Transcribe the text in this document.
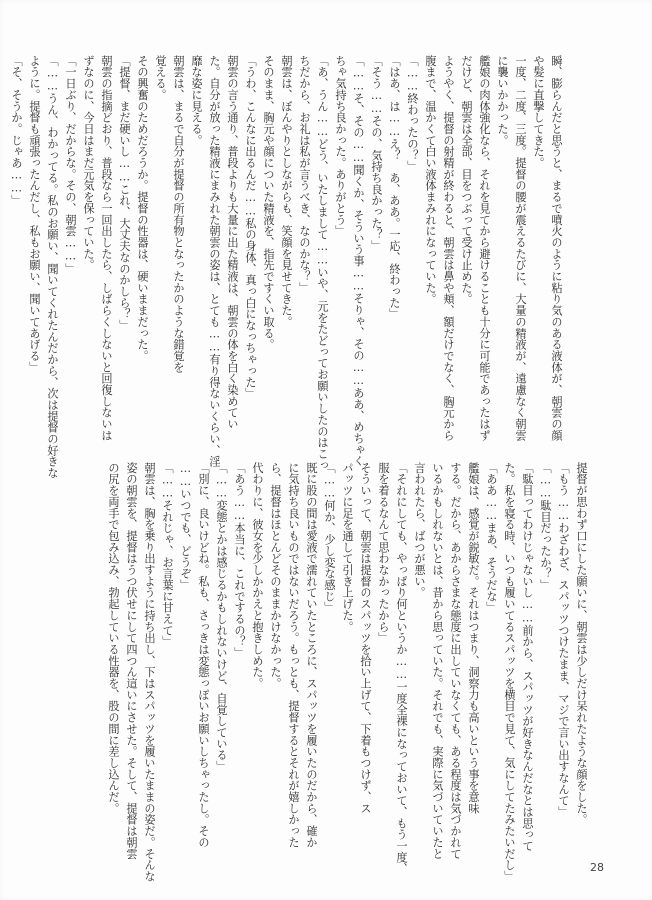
瞬、膨らんだと思うと、まるで噴火のように粘り気のある液体が、朝雲の顔
や髪に直撃してきた。
一度、二度、三度。提督の腰が震えるたびに、大量の精液が、遠慮なく朝雲
に襲いかかった。
艦娘の肉体強化なら、それを見てから避けることも十分に可能であったはず
だけど、朝雲は全部、目をつぶって受け止めた。
ようやく、提督の射精が終わると、朝雲は鼻や頬、額だけでなく、胸元から
腹まで、温かくて白い液体まみれになっていた。
「……終わったの？」
「はあ、は……え？　あ、ああ。一応、終わった」
「そう……その、気持ち良かった？」
「……そ、その……聞くか、そういう事……そりゃ、その……ああ、めちゃく
ちゃ気持ち良かった。ありがとう」
「あ、うん……どう、いたしまして……いや、元をたどってお願いしたのはこっ
ちだから、お礼は私が言うべき、なのかな？」
朝雲は、ぼんやりとしながらも、笑顔を見せてきた。
そのまま、胸元や顔についた精液を、指先ですくい取る。
「うわ、こんなに出るんだ……私の身体、真っ白になっちゃった」
朝雲の言う通り、普段よりも大量に出た精液は、朝雲の体を白く染めてい
た。自分が放った精液にまみれた朝雲の姿は、とても……有り得ないくらい、淫
靡な姿に見える。
朝雲は、まるで自分が提督の所有物となったかのような錯覚を
覚える。
その興奮のためだろうか。提督の性器は、硬いままだった。
「提督、まだ硬いし……これ、大丈夫なのかしら？」
朝雲の指摘どおり、普段なら一回出したら、しばらくしないと回復しないは
ずなのに、今日はまだ元気を保っていた。
「一日ぶり、だからな。その、朝雲……」
「……うん、わかってる。私のお願い、聞いてくれたんだから、次は提督の好きな
ように。提督も頑張ったんだし、私もお願い、聞いてあげる」
「そ、そうか。じゃあ……」
提督が思わず口にした願いに、朝雲は少しだけ呆れたような顔をした。
「もう……わざわざ、スパッツつけたまま、マジで言い出すなんて」
「……駄目だったか？」
「駄目ってわけじゃないし……前から、スパッツが好きなんだなとは思って
た。私を寝る時、いつも履いてるスパッツを横目で見て、気にしてたみたいだし」
「ああ……まあ、そうだな」
艦娘は、感覚が鋭敏だ。それはつまり、洞察力も高いという事を意味
する。だから、あからさまな態度に出していなくても、ある程度は気づかれて
いるかもしれないとは、昔から思っていた。それでも、実際に気づいていたと
言われたら、ばつが悪い。
「それにしても、やっぱり何というか……一度全裸になっておいて、もう一度、
服を着るなんて思わなかったから」
そういって、朝雲は提督のスパッツを拾い上げて、下着もつけず、ス
パッツに足を通して引き上げた。
「……何か、少し変な感じ」
既に股の間は愛液で濡れていたところに、スパッツを履いたのだから、確か
に気持ち良いものではないだろう。もっとも、提督するとそれが嬉しかった
ら、提督はほとんどそのままかけなかった。
代わりに、彼女を少しかかえと抱きしめた。
「あう……本当に、これでするの？」
「……変態とかは感じるかもしれないけど、自覚している」
「別に、良いけどね。私も、さっきは変態っぽいお願いしちゃったし。その
……いつでも、どうぞ」
「……それじゃ、お言葉に甘えて」
朝雲は、胸を乗り出すように持ち出し、下はスパッツを履いたままの姿だ。そんな
姿の朝雲を、提督はうつ伏せにして四つん這いにさせた。そして、提督は朝雲
の尻を両手で包み込み、勃起している性器を、股の間に差し込んだ。
28
